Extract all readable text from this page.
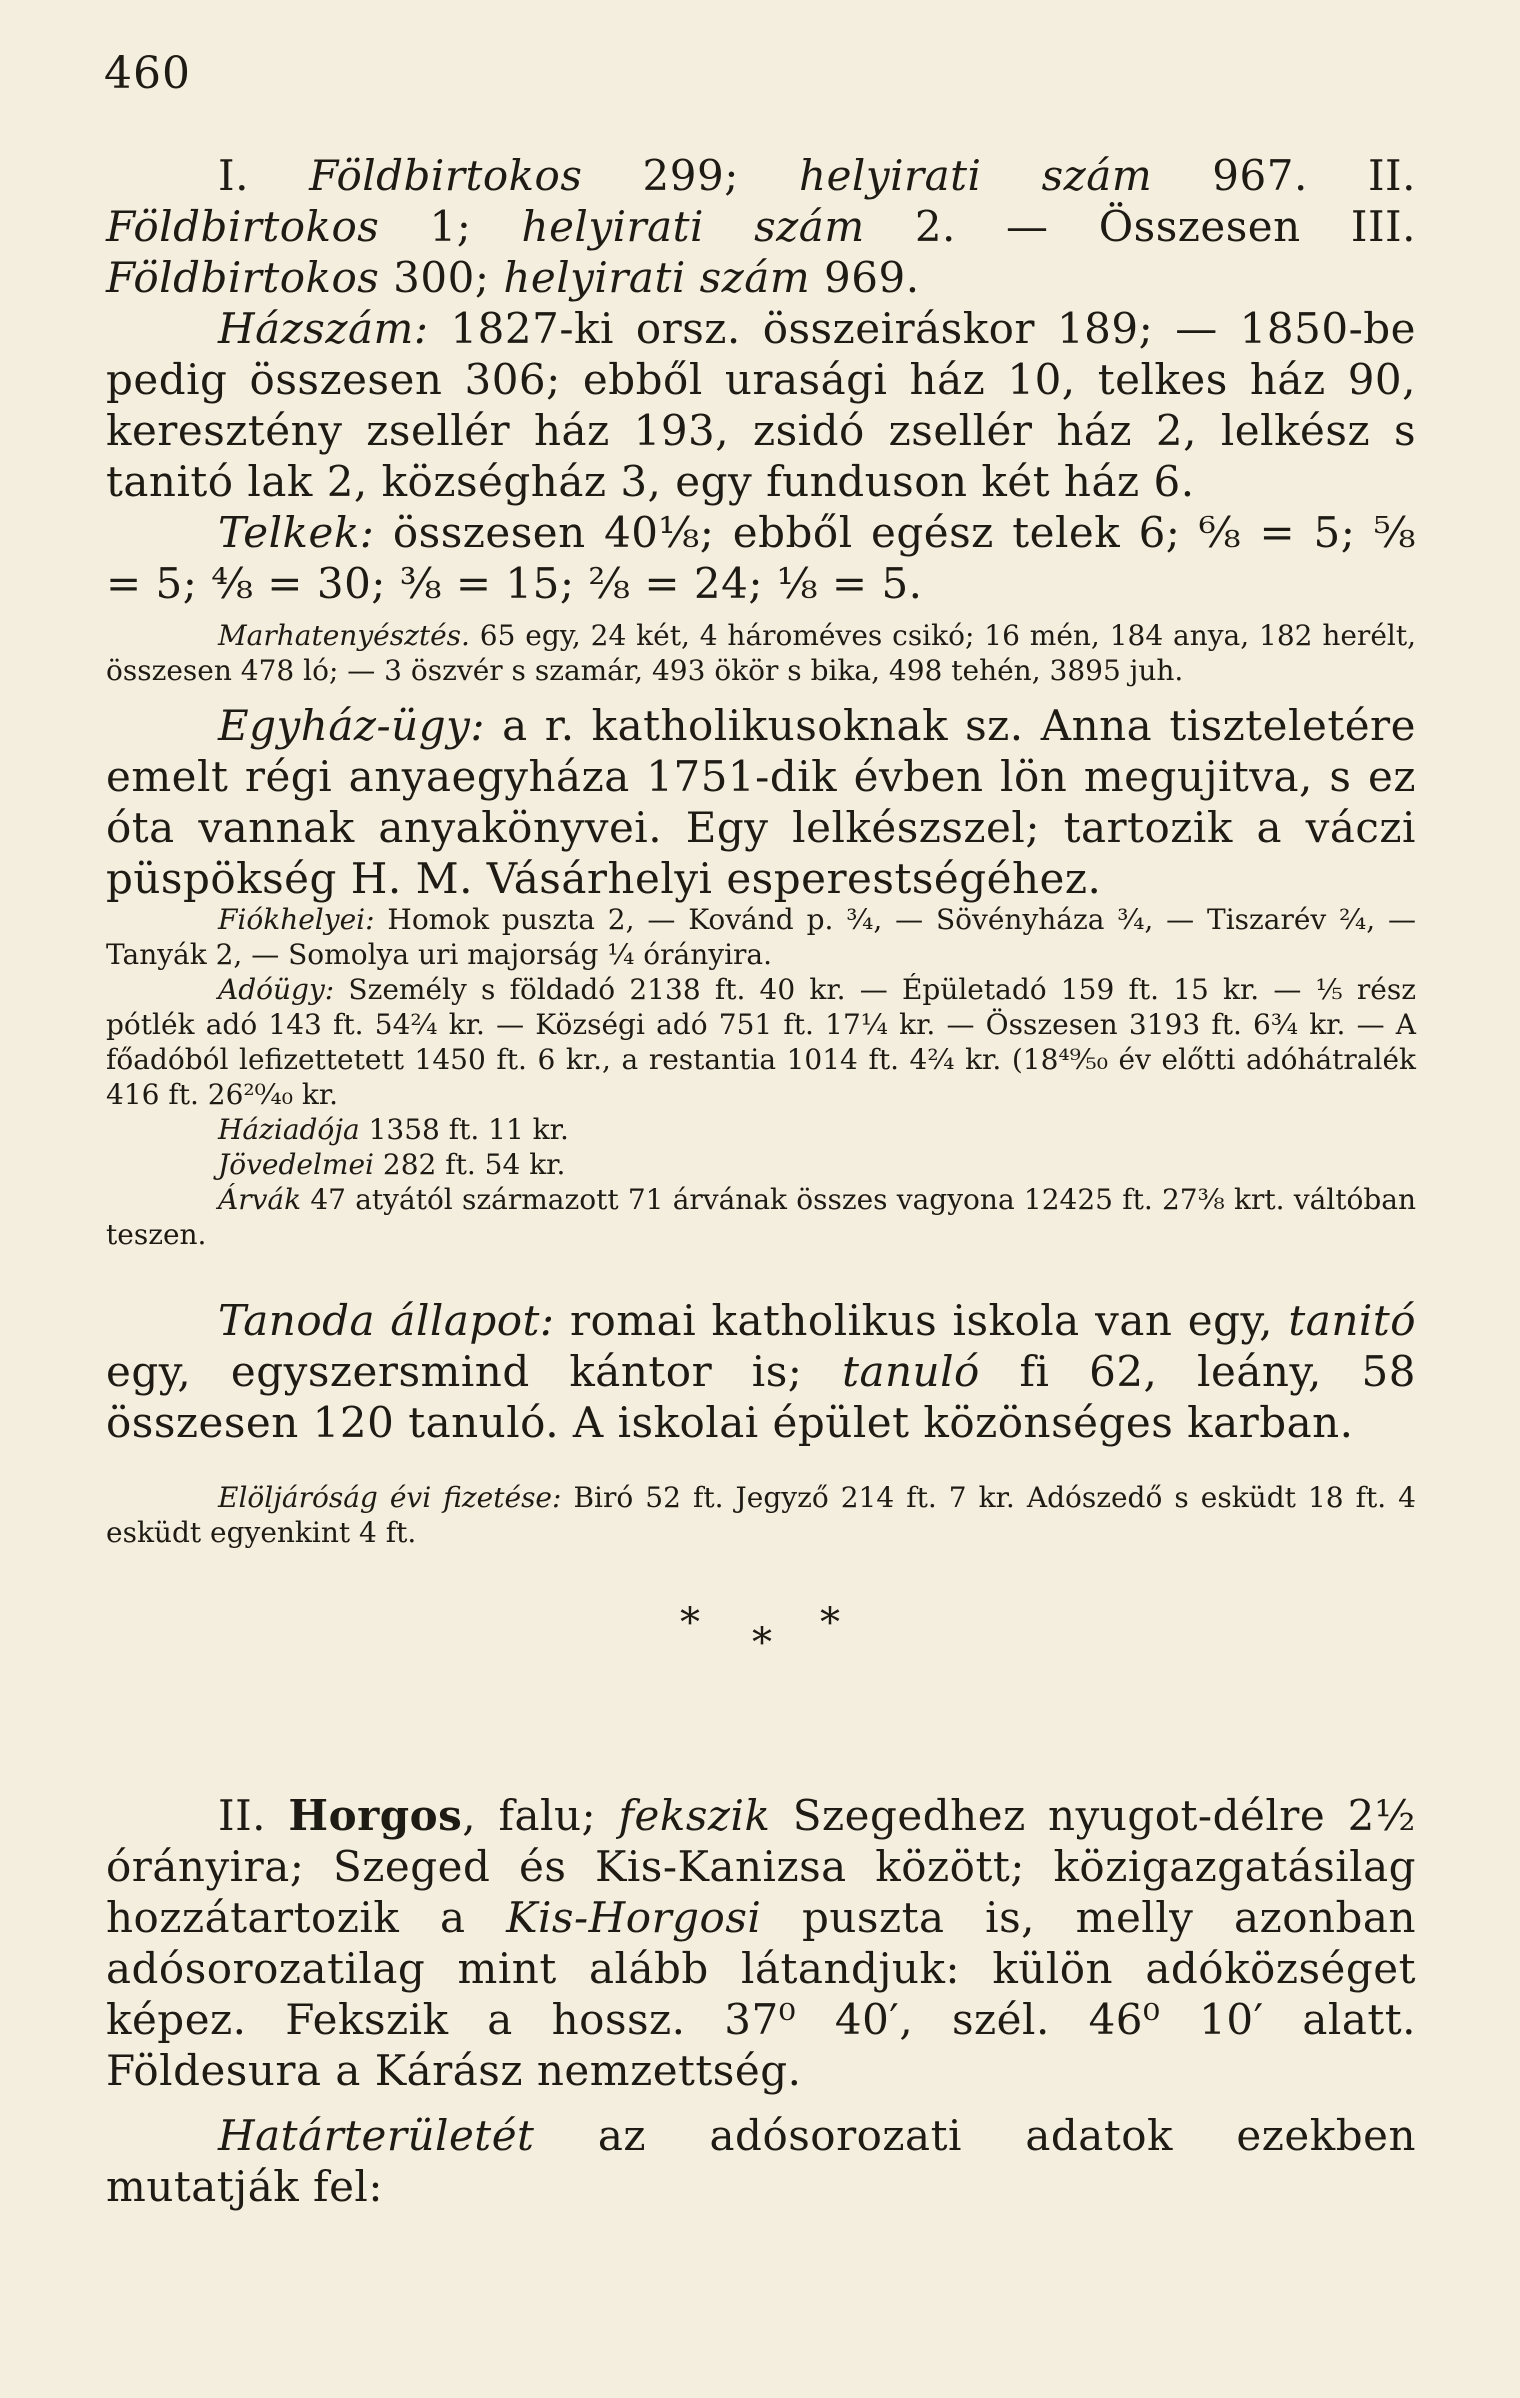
460

I. Földbirtokos 299; helyirati szám 967. II. Földbirtokos 1; helyirati szám 2. — Összesen III. Földbirtokos 300; helyirati szám 969.

Házszám: 1827-ki orsz. összeiráskor 189; — 1850-be pedig összesen 306; ebből urasági ház 10, telkes ház 90, keresztény zsellér ház 193, zsidó zsellér ház 2, lelkész s tanitó lak 2, községház 3, egy funduson két ház 6.

Telkek: összesen 40⅛; ebből egész telek 6; ⁶⁄₈ = 5; ⁵⁄₈ = 5; ⁴⁄₈ = 30; ³⁄₈ = 15; ²⁄₈ = 24; ⅛ = 5.

Marhatenyésztés. 65 egy, 24 két, 4 hároméves csikó; 16 mén, 184 anya, 182 herélt, összesen 478 ló; — 3 öszvér s szamár, 493 ökör s bika, 498 tehén, 3895 juh.

Egyház-ügy: a r. katholikusoknak sz. Anna tiszteletére emelt régi anyaegyháza 1751-dik évben lön megujitva, s ez óta vannak anyakönyvei. Egy lelkészszel; tartozik a váczi püspökség H. M. Vásárhelyi esperestségéhez.

Fiókhelyei: Homok puszta 2, — Kovánd p. ³⁄₄, — Sövényháza ³⁄₄, — Tiszarév ²⁄₄, — Tanyák 2, — Somolya uri majorság ¼ órányira.

Adóügy: Személy s földadó 2138 ft. 40 kr. — Épületadó 159 ft. 15 kr. — ⅕ rész pótlék adó 143 ft. 54²⁄₄ kr. — Községi adó 751 ft. 17¼ kr. — Összesen 3193 ft. 6³⁄₄ kr. — A főadóból lefizettetett 1450 ft. 6 kr., a restantia 1014 ft. 4²⁄₄ kr. (18⁴⁹⁄₅₀ év előtti adóhátralék 416 ft. 26²⁰⁄₄₀ kr.

Háziadója 1358 ft. 11 kr.

Jövedelmei 282 ft. 54 kr.

Árvák 47 atyától származott 71 árvának összes vagyona 12425 ft. 27³⁄₈ krt. váltóban teszen.

Tanoda állapot: romai katholikus iskola van egy, tanitó egy, egyszersmind kántor is; tanuló fi 62, leány, 58 összesen 120 tanuló. A iskolai épület közönséges karban.

Elöljáróság évi fizetése: Biró 52 ft. Jegyző 214 ft. 7 kr. Adószedő s esküdt 18 ft. 4 esküdt egyenkint 4 ft.

* * *

II. Horgos, falu; fekszik Szegedhez nyugot-délre 2½ órányira; Szeged és Kis-Kanizsa között; közigazgatásilag hozzátartozik a Kis-Horgosi puszta is, melly azonban adósorozatilag mint alább látandjuk: külön adóközséget képez. Fekszik a hossz. 37⁰ 40′, szél. 46⁰ 10′ alatt. Földesura a Kárász nemzettség.

Határterületét az adósorozati adatok ezekben mutatják fel:
